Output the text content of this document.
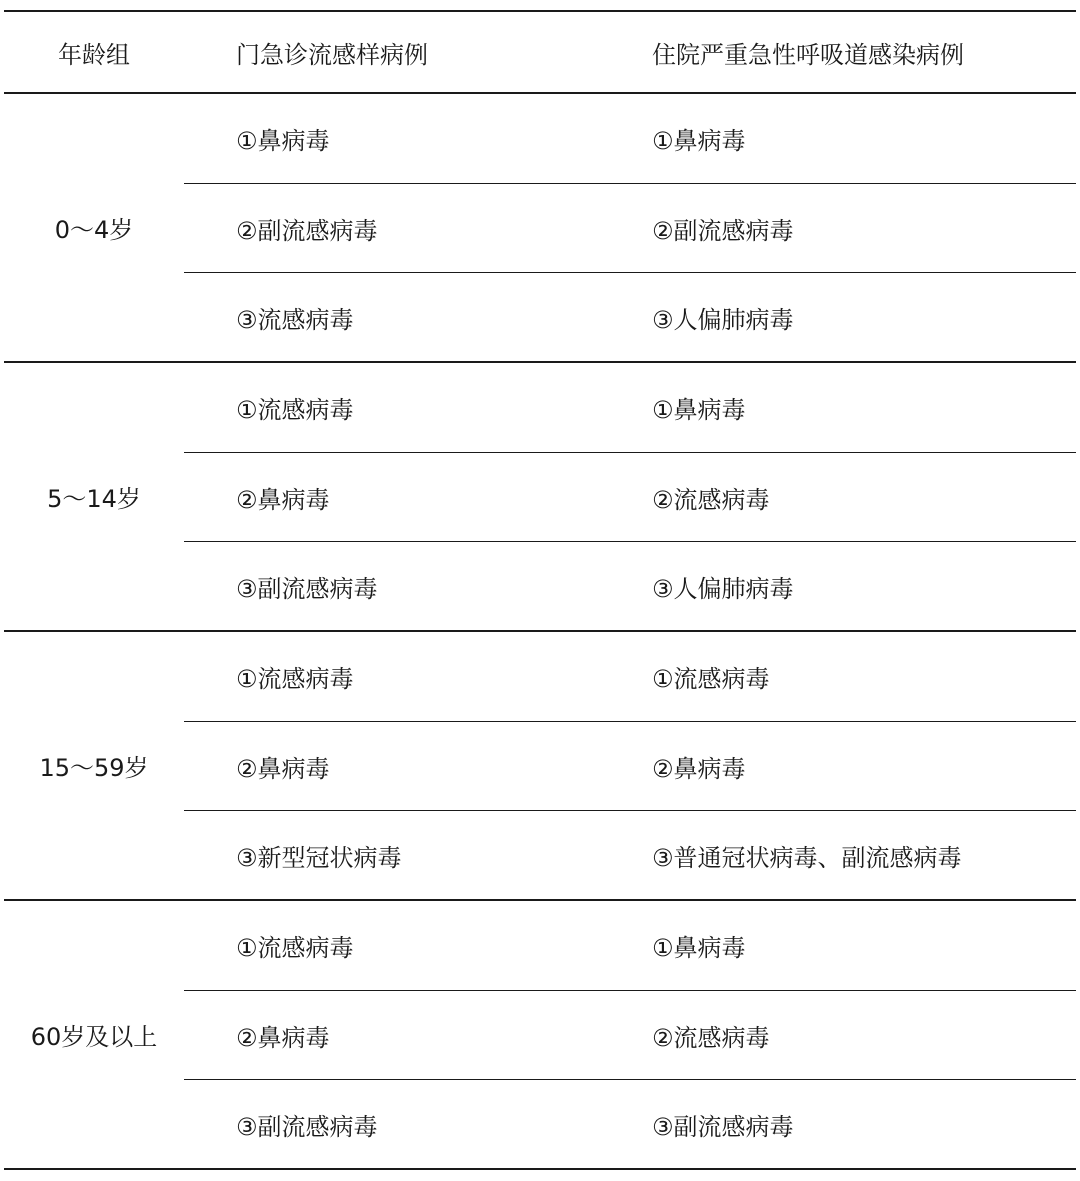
年龄组	门急诊流感样病例	住院严重急性呼吸道感染病例
0～4岁
①鼻病毒	①鼻病毒
②副流感病毒	②副流感病毒
③流感病毒	③人偏肺病毒
5～14岁
①流感病毒	①鼻病毒
②鼻病毒	②流感病毒
③副流感病毒	③人偏肺病毒
15～59岁
①流感病毒	①流感病毒
②鼻病毒	②鼻病毒
③新型冠状病毒	③普通冠状病毒、副流感病毒
60岁及以上
①流感病毒	①鼻病毒
②鼻病毒	②流感病毒
③副流感病毒	③副流感病毒
